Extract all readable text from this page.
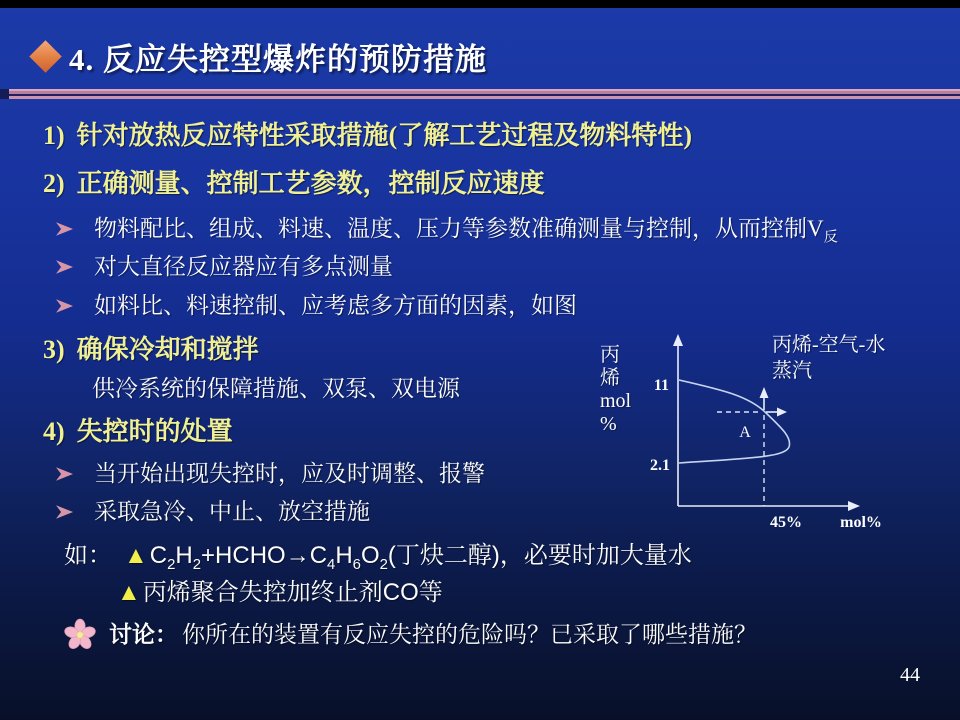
4. 反应失控型爆炸的预防措施
1) 针对放热反应特性采取措施(了解工艺过程及物料特性)
2) 正确测量、控制工艺参数，控制反应速度
物料配比、组成、料速、温度、压力等参数准确测量与控制，从而控制$V_反$
对大直径反应器应有多点测量
如料比、料速控制、应考虑多方面的因素，如图
3) 确保冷却和搅拌
供冷系统的保障措施、双泵、双电源
4) 失控时的处置
当开始出现失控时，应及时调整、报警
采取急冷、中止、放空措施
如： $▲C_2H_2+HCHO\to C_4H_6O_2$(丁炔二醇)，必要时加大量水
▲丙烯聚合失控加终止剂CO等
讨论： 你所在的装置有反应失控的危险吗？已采取了哪些措施？
丙
烯
mol
%
丙烯-空气-水
蒸汽
11
2.1
A
45% mol%
44
